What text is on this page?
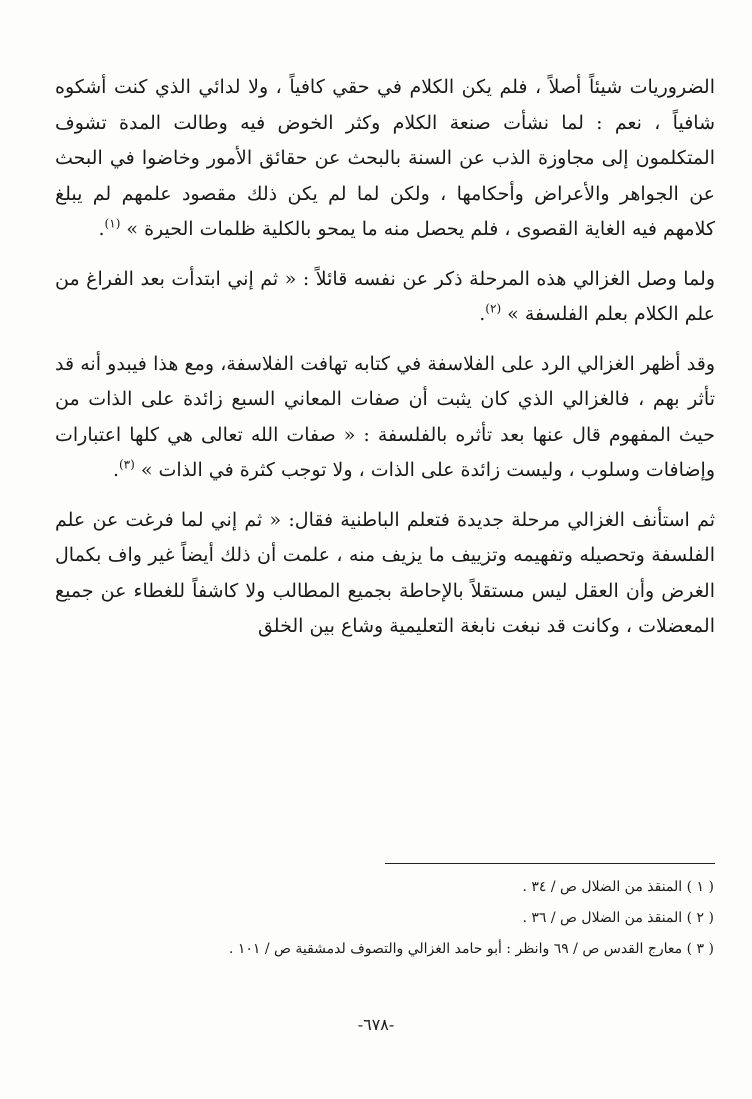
الضروريات شيئاً أصلاً ، فلم يكن الكلام في حقي كافياً ، ولا لدائي الذي كنت أشكوه شافياً ، نعم : لما نشأت صنعة الكلام وكثر الخوض فيه وطالت المدة تشوف المتكلمون إلى مجاوزة الذب عن السنة بالبحث عن حقائق الأمور وخاضوا في البحث عن الجواهر والأعراض وأحكامها ، ولكن لما لم يكن ذلك مقصود علمهم لم يبلغ كلامهم فيه الغاية القصوى ، فلم يحصل منه ما يمحو بالكلية ظلمات الحيرة » $^{(١)}$.

ولما وصل الغزالي هذه المرحلة ذكر عن نفسه قائلاً : « ثم إني ابتدأت بعد الفراغ من علم الكلام بعلم الفلسفة » $^{(٢)}$.

وقد أظهر الغزالي الرد على الفلاسفة في كتابه تهافت الفلاسفة، ومع هذا فيبدو أنه قد تأثر بهم ، فالغزالي الذي كان يثبت أن صفات المعاني السبع زائدة على الذات من حيث المفهوم قال عنها بعد تأثره بالفلسفة : « صفات الله تعالى هي كلها اعتبارات وإضافات وسلوب ، وليست زائدة على الذات ، ولا توجب كثرة في الذات » $^{(٣)}$.

ثم استأنف الغزالي مرحلة جديدة فتعلم الباطنية فقال: « ثم إني لما فرغت عن علم الفلسفة وتحصيله وتفهيمه وتزييف ما يزيف منه ، علمت أن ذلك أيضاً غير واف بكمال الغرض وأن العقل ليس مستقلاً بالإحاطة بجميع المطالب ولا كاشفاً للغطاء عن جميع المعضلات ، وكانت قد نبغت نابغة التعليمية وشاع بين الخلق

( ١ ) المنقذ من الضلال ص / ٣٤ .

( ٢ ) المنقذ من الضلال ص / ٣٦ .

( ٣ ) معارج القدس ص / ٦٩ وانظر : أبو حامد الغزالي والتصوف لدمشقية ص / ١٠١ .

-٦٧٨-
